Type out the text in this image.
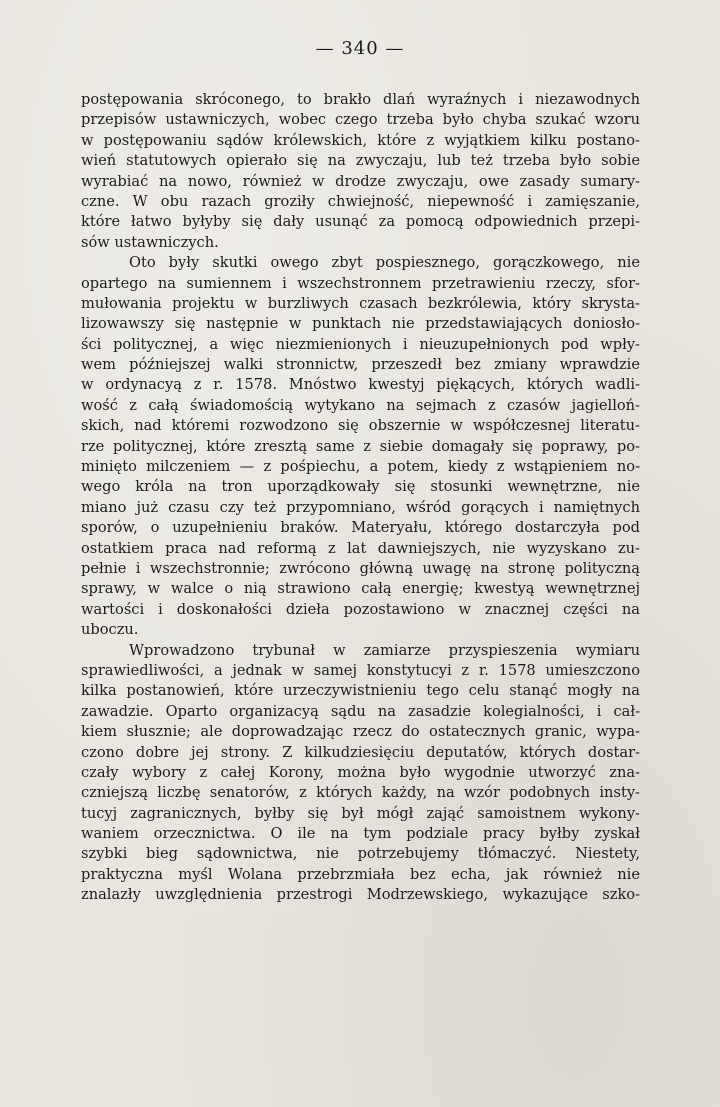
— 340 —
postępowania skróconego, to brakło dlań wyraźnych i niezawodnych
przepisów ustawniczych, wobec czego trzeba było chyba szukać wzoru
w postępowaniu sądów królewskich, które z wyjątkiem kilku postano-
wień statutowych opierało się na zwyczaju, lub też trzeba było sobie
wyrabiać na nowo, również w drodze zwyczaju, owe zasady sumary-
czne. W obu razach groziły chwiejność, niepewność i zamięszanie,
które łatwo byłyby się dały usunąć za pomocą odpowiednich przepi-
sów ustawniczych.
Oto były skutki owego zbyt pospiesznego, gorączkowego, nie
opartego na sumiennem i wszechstronnem przetrawieniu rzeczy, sfor-
mułowania projektu w burzliwych czasach bezkrólewia, który skrysta-
lizowawszy się następnie w punktach nie przedstawiających doniosło-
ści politycznej, a więc niezmienionych i nieuzupełnionych pod wpły-
wem późniejszej walki stronnictw, przeszedł bez zmiany wprawdzie
w ordynacyą z r. 1578. Mnóstwo kwestyj piękących, których wadli-
wość z całą świadomością wytykano na sejmach z czasów jagielloń-
skich, nad któremi rozwodzono się obszernie w współczesnej literatu-
rze politycznej, które zresztą same z siebie domagały się poprawy, po-
minięto milczeniem — z pośpiechu, a potem, kiedy z wstąpieniem no-
wego króla na tron uporządkowały się stosunki wewnętrzne, nie
miano już czasu czy też przypomniano, wśród gorących i namiętnych
sporów, o uzupełnieniu braków. Materyału, którego dostarczyła pod
ostatkiem praca nad reformą z lat dawniejszych, nie wyzyskano zu-
pełnie i wszechstronnie; zwrócono główną uwagę na stronę polityczną
sprawy, w walce o nią strawiono całą energię; kwestyą wewnętrznej
wartości i doskonałości dzieła pozostawiono w znacznej części na
uboczu.
Wprowadzono trybunał w zamiarze przyspieszenia wymiaru
sprawiedliwości, a jednak w samej konstytucyi z r. 1578 umieszczono
kilka postanowień, które urzeczywistnieniu tego celu stanąć mogły na
zawadzie. Oparto organizacyą sądu na zasadzie kolegialności, i cał-
kiem słusznie; ale doprowadzając rzecz do ostatecznych granic, wypa-
czono dobre jej strony. Z kilkudziesięciu deputatów, których dostar-
czały wybory z całej Korony, można było wygodnie utworzyć zna-
czniejszą liczbę senatorów, z których każdy, na wzór podobnych insty-
tucyj zagranicznych, byłby się był mógł zająć samoistnem wykony-
waniem orzecznictwa. O ile na tym podziale pracy byłby zyskał
szybki bieg sądownictwa, nie potrzebujemy tłómaczyć. Niestety,
praktyczna myśl Wolana przebrzmiała bez echa, jak również nie
znalazły uwzględnienia przestrogi Modrzewskiego, wykazujące szko-
